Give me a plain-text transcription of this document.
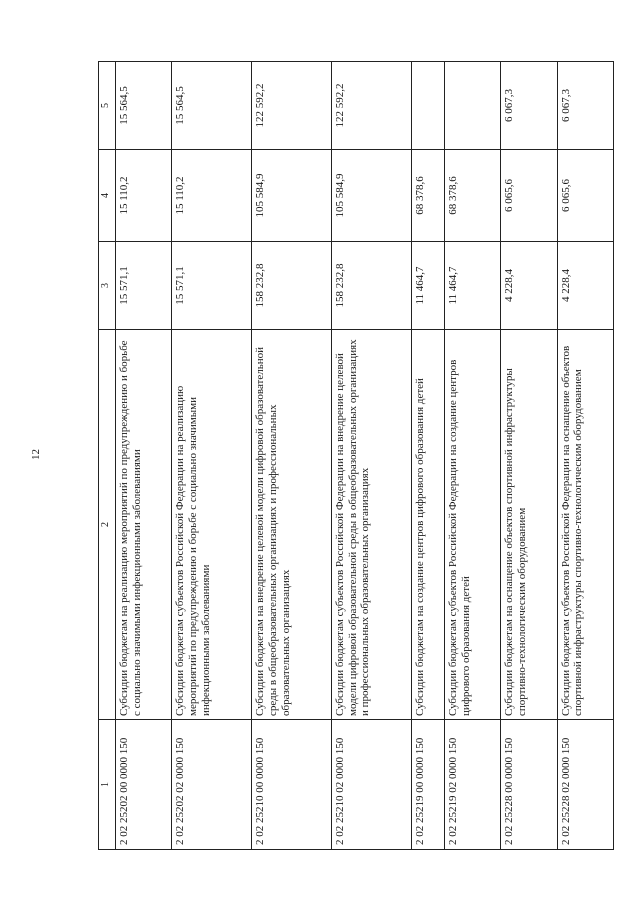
12
1	2	3	4	5
2 02 25202 00 0000 150	Субсидии бюджетам на реализацию мероприятий по предупреждению и борьбе с социально значимыми инфекционными заболеваниями	15 571,1	15 110,2	15 564,5
2 02 25202 02 0000 150	Субсидии бюджетам субъектов Российской Федерации на реализацию мероприятий по предупреждению и борьбе с социально значимыми инфекционными заболеваниями	15 571,1	15 110,2	15 564,5
2 02 25210 00 0000 150	Субсидии бюджетам на внедрение целевой модели цифровой образовательной среды в общеобразовательных организациях и профессиональных образовательных организациях	158 232,8	105 584,9	122 592,2
2 02 25210 02 0000 150	Субсидии бюджетам субъектов Российской Федерации на внедрение целевой модели цифровой образовательной среды в общеобразовательных организациях и профессиональных образовательных организациях	158 232,8	105 584,9	122 592,2
2 02 25219 00 0000 150	Субсидии бюджетам на создание центров цифрового образования детей	11 464,7	68 378,6	
2 02 25219 02 0000 150	Субсидии бюджетам субъектов Российской Федерации на создание центров цифрового образования детей	11 464,7	68 378,6	
2 02 25228 00 0000 150	Субсидии бюджетам на оснащение объектов спортивной инфраструктуры спортивно-технологическим оборудованием	4 228,4	6 065,6	6 067,3
2 02 25228 02 0000 150	Субсидии бюджетам субъектов Российской Федерации на оснащение объектов спортивной инфраструктуры спортивно-технологическим оборудованием	4 228,4	6 065,6	6 067,3
